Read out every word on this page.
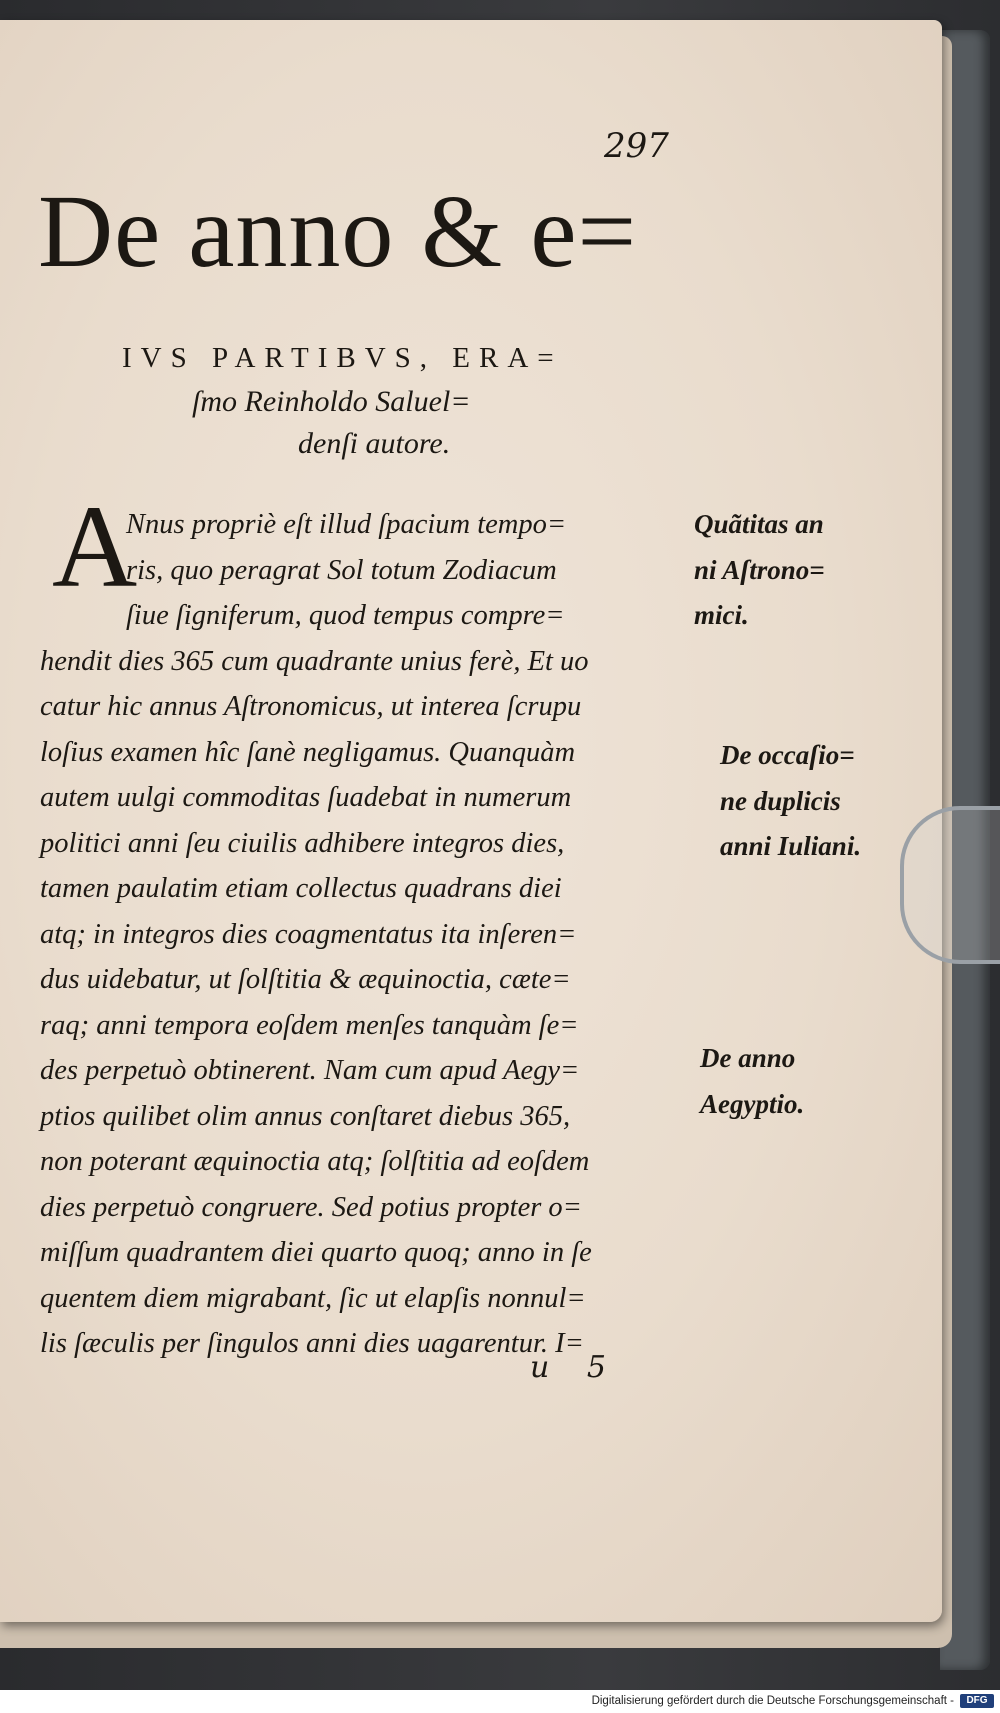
297
De anno & e=
IVS PARTIBVS, ERA=
ſmo Reinholdo Saluel=
denſi autore.
A
Nnus propriè eſt illud ſpacium tempo=
ris, quo peragrat Sol totum Zodiacum
ſiue ſigniferum, quod tempus compre=
hendit dies 365 cum quadrante unius ferè, Et uo
catur hic annus Aſtronomicus, ut interea ſcrupu
loſius examen hîc ſanè negligamus. Quanquàm
autem uulgi commoditas ſuadebat in numerum
politici anni ſeu ciuilis adhibere integros dies,
tamen paulatim etiam collectus quadrans diei
atq; in integros dies coagmentatus ita inſeren=
dus uidebatur, ut ſolſtitia & æquinoctia, cæte=
raq; anni tempora eoſdem menſes tanquàm ſe=
des perpetuò obtinerent. Nam cum apud Aegy=
ptios quilibet olim annus conſtaret diebus 365,
non poterant æquinoctia atq; ſolſtitia ad eoſdem
dies perpetuò congruere. Sed potius propter o=
miſſum quadrantem diei quarto quoq; anno in ſe
quentem diem migrabant, ſic ut elapſis nonnul=
lis ſæculis per ſingulos anni dies uagarentur. I=
Quãtitas an
ni Aſtrono=
mici.
De occaſio=
ne duplicis
anni Iuliani.
De anno
Aegyptio.
u 5
Digitalisierung gefördert durch die Deutsche Forschungsgemeinschaft -	DFG
